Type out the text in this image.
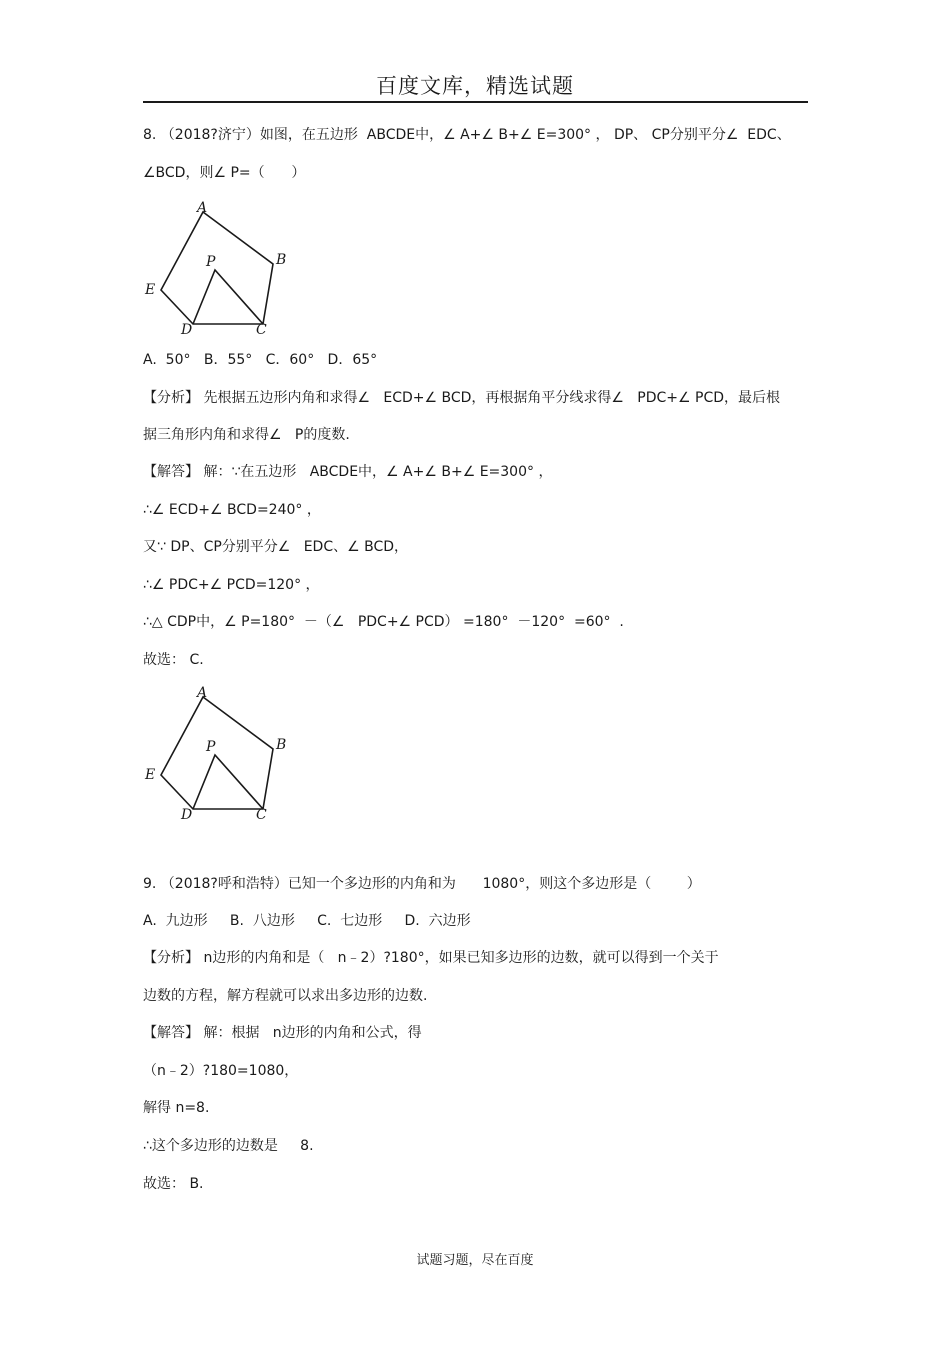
百度文库，精选试题
8. （2018?济宁）如图，在五边形  ABCDE中，∠ A+∠ B+∠ E=300° ， DP、 CP分别平分∠  EDC、
∠BCD，则∠ P=（      ）
A
B
C
D
E
P
A.  50°   B．55°   C．60°   D．65°
【分析】 先根据五边形内角和求得∠   ECD+∠ BCD，再根据角平分线求得∠   PDC+∠ PCD，最后根
据三角形内角和求得∠   P的度数.
【解答】 解：∵在五边形   ABCDE中，∠ A+∠ B+∠ E=300° ，
∴∠ ECD+∠ BCD=240° ，
又∵ DP、CP分别平分∠   EDC、∠ BCD，
∴∠ PDC+∠ PCD=120° ，
∴△ CDP中，∠ P=180°  －（∠   PDC+∠ PCD） =180°  －120°  =60°  .
故选： C.
A
B
C
D
E
P
9. （2018?呼和浩特）已知一个多边形的内角和为      1080°，则这个多边形是（        ）
A.  九边形     B.  八边形     C.  七边形     D.  六边形
【分析】 n边形的内角和是（   n﹣2）?180°，如果已知多边形的边数，就可以得到一个关于
边数的方程，解方程就可以求出多边形的边数.
【解答】 解：根据   n边形的内角和公式，得
（n﹣2）?180=1080，
解得 n=8.
∴这个多边形的边数是     8.
故选： B.
试题习题，尽在百度
